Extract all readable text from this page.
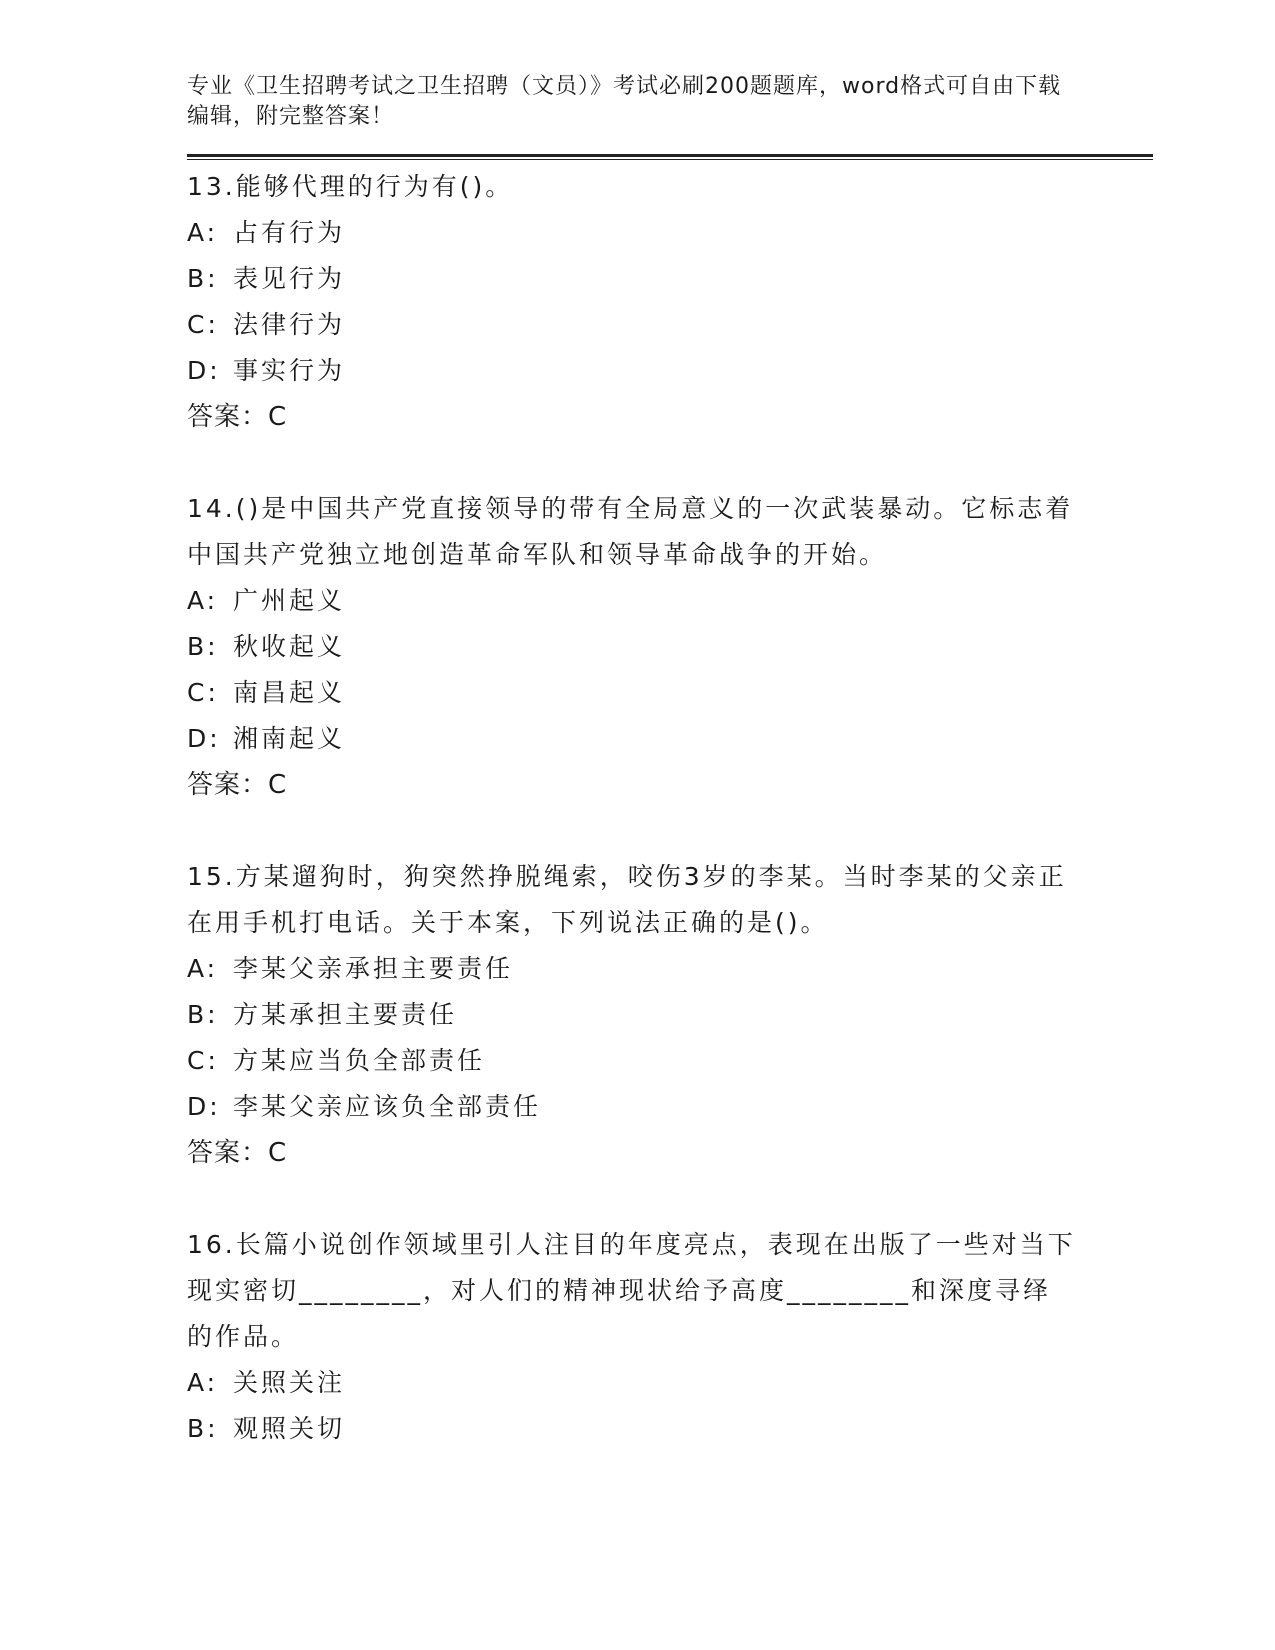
专业《卫生招聘考试之卫生招聘（文员）》考试必刷200题题库，word格式可自由下载编辑，附完整答案！
13.能够代理的行为有()。
A: 占有行为
B: 表见行为
C: 法律行为
D: 事实行为
答案：C
14.()是中国共产党直接领导的带有全局意义的一次武装暴动。它标志着中国共产党独立地创造革命军队和领导革命战争的开始。
A: 广州起义
B: 秋收起义
C: 南昌起义
D: 湘南起义
答案：C
15.方某遛狗时，狗突然挣脱绳索，咬伤3岁的李某。当时李某的父亲正在用手机打电话。关于本案，下列说法正确的是()。
A: 李某父亲承担主要责任
B: 方某承担主要责任
C: 方某应当负全部责任
D: 李某父亲应该负全部责任
答案：C
16.长篇小说创作领域里引人注目的年度亮点，表现在出版了一些对当下现实密切________，对人们的精神现状给予高度________和深度寻绎的作品。
A: 关照关注
B: 观照关切
